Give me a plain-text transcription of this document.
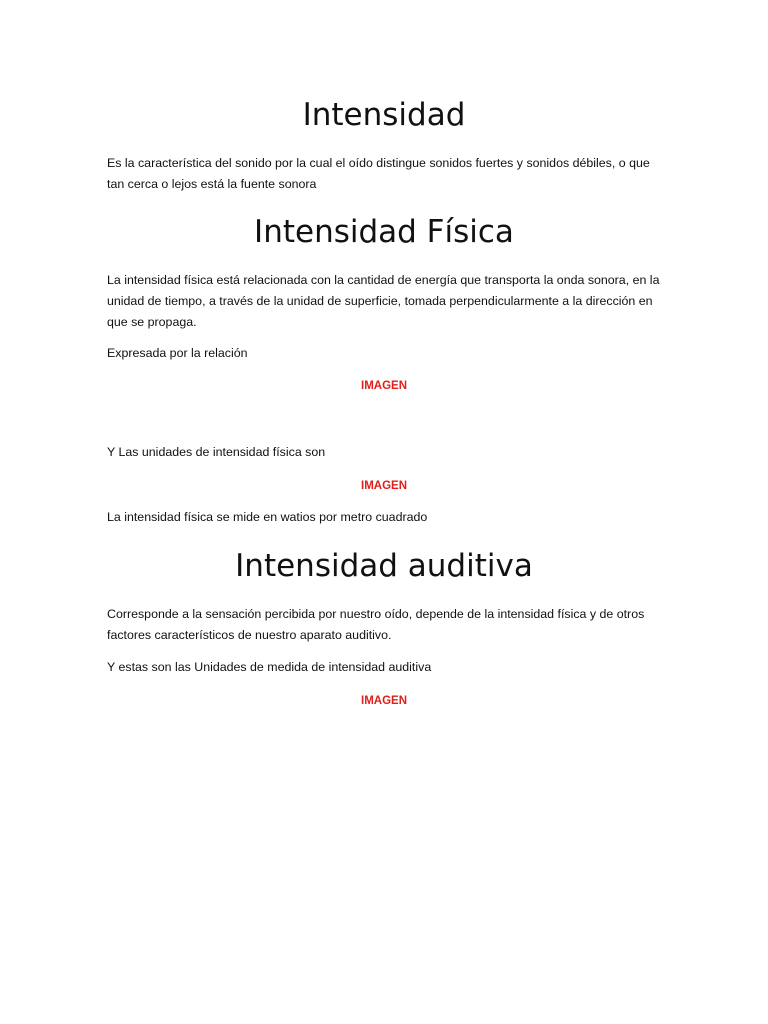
Intensidad

Es la característica del sonido por la cual el oído distingue sonidos fuertes y sonidos débiles, o que tan cerca o lejos está la fuente sonora

Intensidad Física

La intensidad física está relacionada con la cantidad de energía que transporta la onda sonora, en la unidad de tiempo, a través de la unidad de superficie, tomada perpendicularmente a la dirección en que se propaga.

Expresada por la relación

IMAGEN

Y Las unidades de intensidad física son

IMAGEN

La intensidad física se mide en watios por metro cuadrado

Intensidad auditiva

Corresponde a la sensación percibida por nuestro oído, depende de la intensidad física y de otros factores característicos de nuestro aparato auditivo.

Y estas son las Unidades de medida de intensidad auditiva

IMAGEN
